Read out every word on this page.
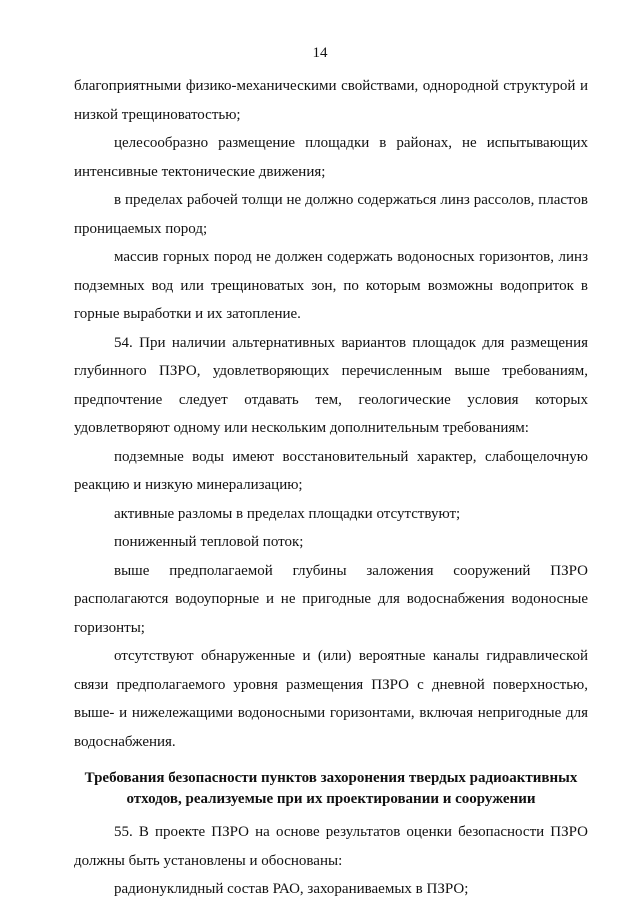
14

благоприятными физико-механическими свойствами, однородной структурой и низкой трещиноватостью;

целесообразно размещение площадки в районах, не испытывающих интенсивные тектонические движения;

в пределах рабочей толщи не должно содержаться линз рассолов, пластов проницаемых пород;

массив горных пород не должен содержать водоносных горизонтов, линз подземных вод или трещиноватых зон, по которым возможны водоприток в горные выработки и их затопление.

54. При наличии альтернативных вариантов площадок для размещения глубинного ПЗРО, удовлетворяющих перечисленным выше требованиям, предпочтение следует отдавать тем, геологические условия которых удовлетворяют одному или нескольким дополнительным требованиям:

подземные воды имеют восстановительный характер, слабощелочную реакцию и низкую минерализацию;

активные разломы в пределах площадки отсутствуют;

пониженный тепловой поток;

выше предполагаемой глубины заложения сооружений ПЗРО располагаются водоупорные и не пригодные для водоснабжения водоносные горизонты;

отсутствуют обнаруженные и (или) вероятные каналы гидравлической связи предполагаемого уровня размещения ПЗРО с дневной поверхностью, выше- и нижележащими водоносными горизонтами, включая непригодные для водоснабжения.

Требования безопасности пунктов захоронения твердых радиоактивных
отходов, реализуемые при их проектировании и сооружении

55. В проекте ПЗРО на основе результатов оценки безопасности ПЗРО должны быть установлены и обоснованы:

радионуклидный состав РАО, захораниваемых в ПЗРО;
